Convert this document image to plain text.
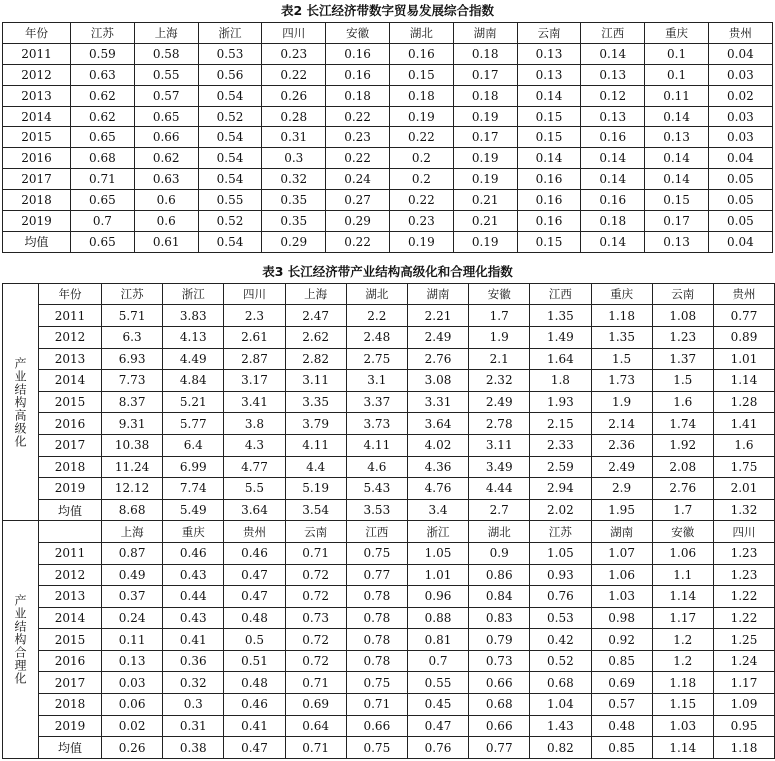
表2 长江经济带数字贸易发展综合指数
年份	江苏	上海	浙江	四川	安徽	湖北	湖南	云南	江西	重庆	贵州
2011	0.59	0.58	0.53	0.23	0.16	0.16	0.18	0.13	0.14	0.1	0.04
2012	0.63	0.55	0.56	0.22	0.16	0.15	0.17	0.13	0.13	0.1	0.03
2013	0.62	0.57	0.54	0.26	0.18	0.18	0.18	0.14	0.12	0.11	0.02
2014	0.62	0.65	0.52	0.28	0.22	0.19	0.19	0.15	0.13	0.14	0.03
2015	0.65	0.66	0.54	0.31	0.23	0.22	0.17	0.15	0.16	0.13	0.03
2016	0.68	0.62	0.54	0.3	0.22	0.2	0.19	0.14	0.14	0.14	0.04
2017	0.71	0.63	0.54	0.32	0.24	0.2	0.19	0.16	0.14	0.14	0.05
2018	0.65	0.6	0.55	0.35	0.27	0.22	0.21	0.16	0.16	0.15	0.05
2019	0.7	0.6	0.52	0.35	0.29	0.23	0.21	0.16	0.18	0.17	0.05
均值	0.65	0.61	0.54	0.29	0.22	0.19	0.19	0.15	0.14	0.13	0.04
表3 长江经济带产业结构高级化和合理化指数
产业结构高级化	年份	江苏	浙江	四川	上海	湖北	湖南	安徽	江西	重庆	云南	贵州
	2011	5.71	3.83	2.3	2.47	2.2	2.21	1.7	1.35	1.18	1.08	0.77
	2012	6.3	4.13	2.61	2.62	2.48	2.49	1.9	1.49	1.35	1.23	0.89
	2013	6.93	4.49	2.87	2.82	2.75	2.76	2.1	1.64	1.5	1.37	1.01
	2014	7.73	4.84	3.17	3.11	3.1	3.08	2.32	1.8	1.73	1.5	1.14
	2015	8.37	5.21	3.41	3.35	3.37	3.31	2.49	1.93	1.9	1.6	1.28
	2016	9.31	5.77	3.8	3.79	3.73	3.64	2.78	2.15	2.14	1.74	1.41
	2017	10.38	6.4	4.3	4.11	4.11	4.02	3.11	2.33	2.36	1.92	1.6
	2018	11.24	6.99	4.77	4.4	4.6	4.36	3.49	2.59	2.49	2.08	1.75
	2019	12.12	7.74	5.5	5.19	5.43	4.76	4.44	2.94	2.9	2.76	2.01
	均值	8.68	5.49	3.64	3.54	3.53	3.4	2.7	2.02	1.95	1.7	1.32
产业结构合理化		上海	重庆	贵州	云南	江西	浙江	湖北	江苏	湖南	安徽	四川
	2011	0.87	0.46	0.46	0.71	0.75	1.05	0.9	1.05	1.07	1.06	1.23
	2012	0.49	0.43	0.47	0.72	0.77	1.01	0.86	0.93	1.06	1.1	1.23
	2013	0.37	0.44	0.47	0.72	0.78	0.96	0.84	0.76	1.03	1.14	1.22
	2014	0.24	0.43	0.48	0.73	0.78	0.88	0.83	0.53	0.98	1.17	1.22
	2015	0.11	0.41	0.5	0.72	0.78	0.81	0.79	0.42	0.92	1.2	1.25
	2016	0.13	0.36	0.51	0.72	0.78	0.7	0.73	0.52	0.85	1.2	1.24
	2017	0.03	0.32	0.48	0.71	0.75	0.55	0.66	0.68	0.69	1.18	1.17
	2018	0.06	0.3	0.46	0.69	0.71	0.45	0.68	1.04	0.57	1.15	1.09
	2019	0.02	0.31	0.41	0.64	0.66	0.47	0.66	1.43	0.48	1.03	0.95
	均值	0.26	0.38	0.47	0.71	0.75	0.76	0.77	0.82	0.85	1.14	1.18
